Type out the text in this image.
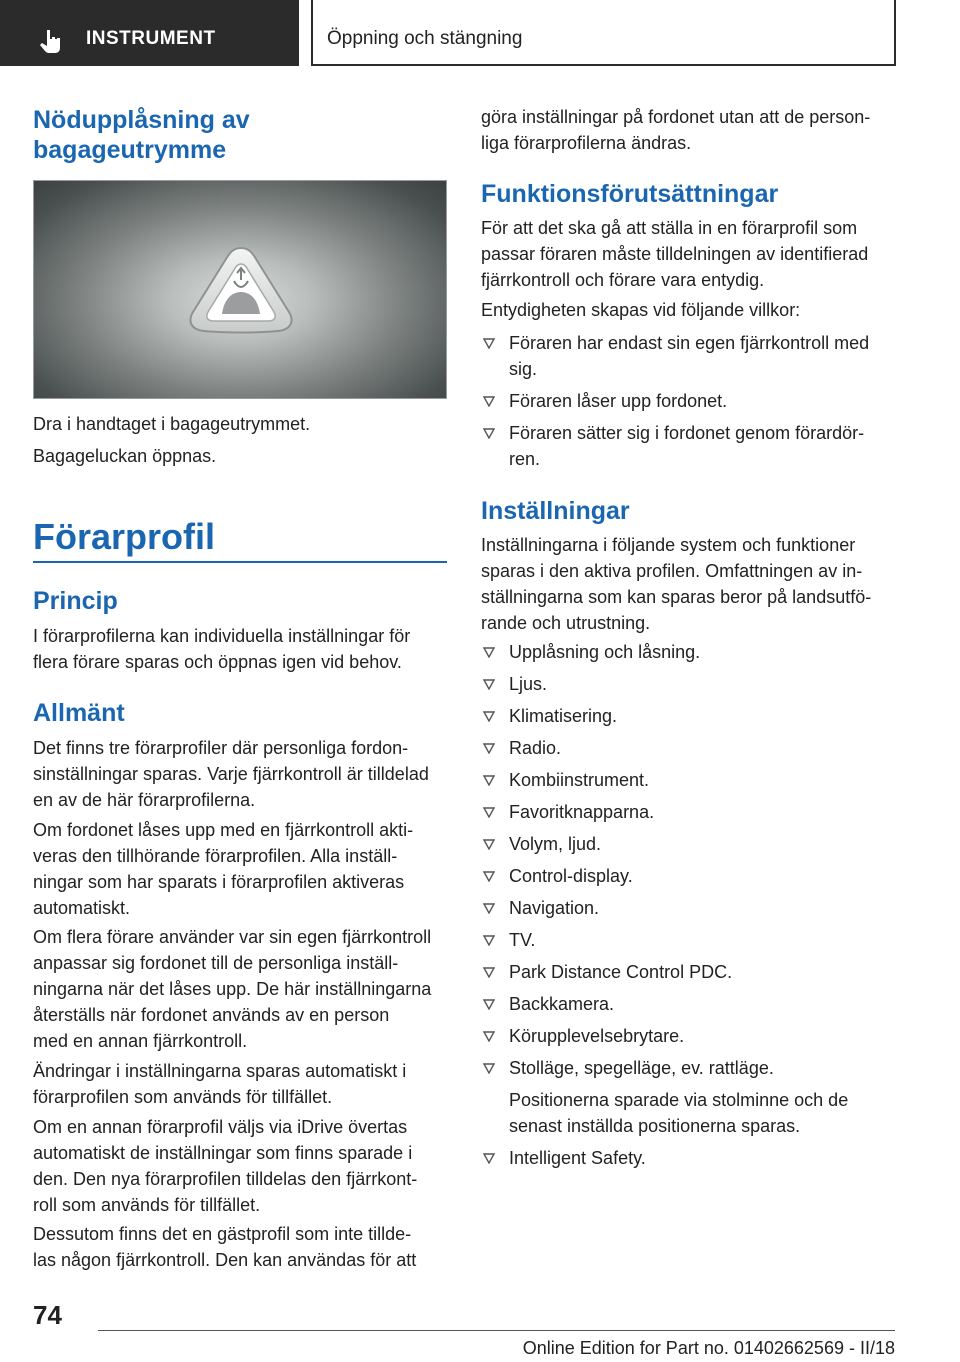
INSTRUMENT	Öppning och stängning
Nödupplåsning av
bagageutrymme

Dra i handtaget i bagageutrymmet.

Bagageluckan öppnas.

Förarprofil
Princip

I förarprofilerna kan individuella inställningar för

flera förare sparas och öppnas igen vid behov.

Allmänt

Det finns tre förarprofiler där personliga fordon-

sinställningar sparas. Varje fjärrkontroll är tilldelad

en av de här förarprofilerna.

Om fordonet låses upp med en fjärrkontroll akti-

veras den tillhörande förarprofilen. Alla inställ-

ningar som har sparats i förarprofilen aktiveras

automatiskt.

Om flera förare använder var sin egen fjärrkontroll

anpassar sig fordonet till de personliga inställ-

ningarna när det låses upp. De här inställningarna

återställs när fordonet används av en person

med en annan fjärrkontroll.

Ändringar i inställningarna sparas automatiskt i

förarprofilen som används för tillfället.

Om en annan förarprofil väljs via iDrive övertas

automatiskt de inställningar som finns sparade i

den. Den nya förarprofilen tilldelas den fjärrkont-

roll som används för tillfället.

Dessutom finns det en gästprofil som inte tillde-

las någon fjärrkontroll. Den kan användas för att

göra inställningar på fordonet utan att de person-

liga förarprofilerna ändras.

Funktionsförutsättningar

För att det ska gå att ställa in en förarprofil som

passar föraren måste tilldelningen av identifierad

fjärrkontroll och förare vara entydig.

Entydigheten skapas vid följande villkor:

Föraren har endast sin egen fjärrkontroll med
sig.
Föraren låser upp fordonet.
Föraren sätter sig i fordonet genom förardör-
ren.
Inställningar

Inställningarna i följande system och funktioner

sparas i den aktiva profilen. Omfattningen av in-

ställningarna som kan sparas beror på landsutfö-

rande och utrustning.

Upplåsning och låsning.
Ljus.
Klimatisering.
Radio.
Kombiinstrument.
Favoritknapparna.
Volym, ljud.
Control-display.
Navigation.
TV.
Park Distance Control PDC.
Backkamera.
Körupplevelsebrytare.
Stolläge, spegelläge, ev. rattläge.
Positionerna sparade via stolminne och de
senast inställda positionerna sparas.
Intelligent Safety.
74
Online Edition for Part no. 01402662569 - II/18
